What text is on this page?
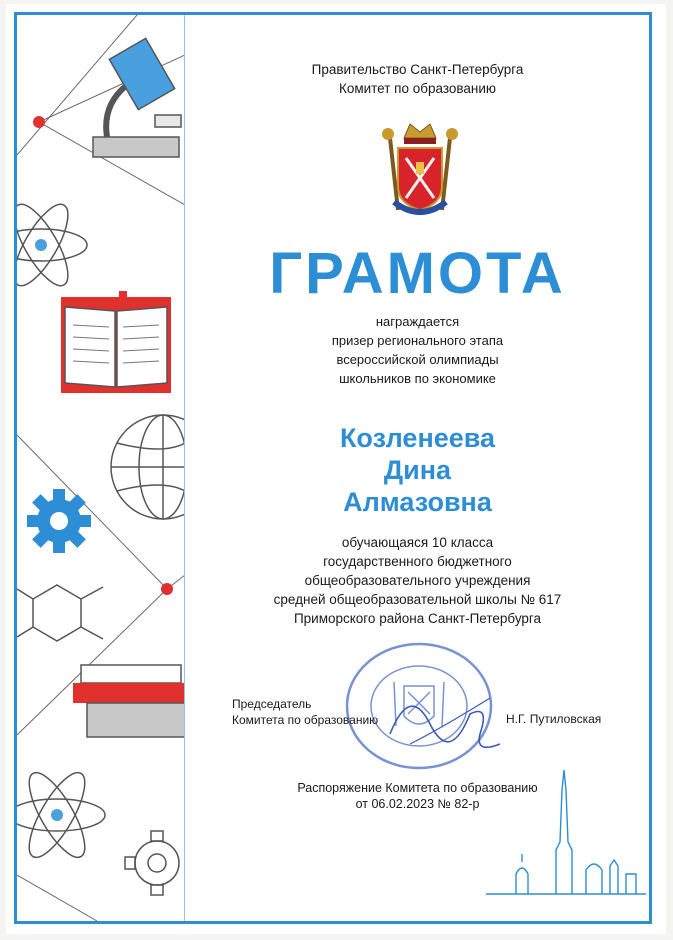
Правительство Санкт-Петербурга
Комитет по образованию
ГРАМОТА
награждается
призер регионального этапа
всероссийской олимпиады
школьников по экономике
Козленеева
Дина
Алмазовна
обучающаяся 10 класса
государственного бюджетного
общеобразовательного учреждения
средней общеобразовательной школы № 617
Приморского района Санкт-Петербурга
Председатель
Комитета по образованию	Н.Г. Путиловская
Распоряжение Комитета по образованию
от 06.02.2023 № 82-р
